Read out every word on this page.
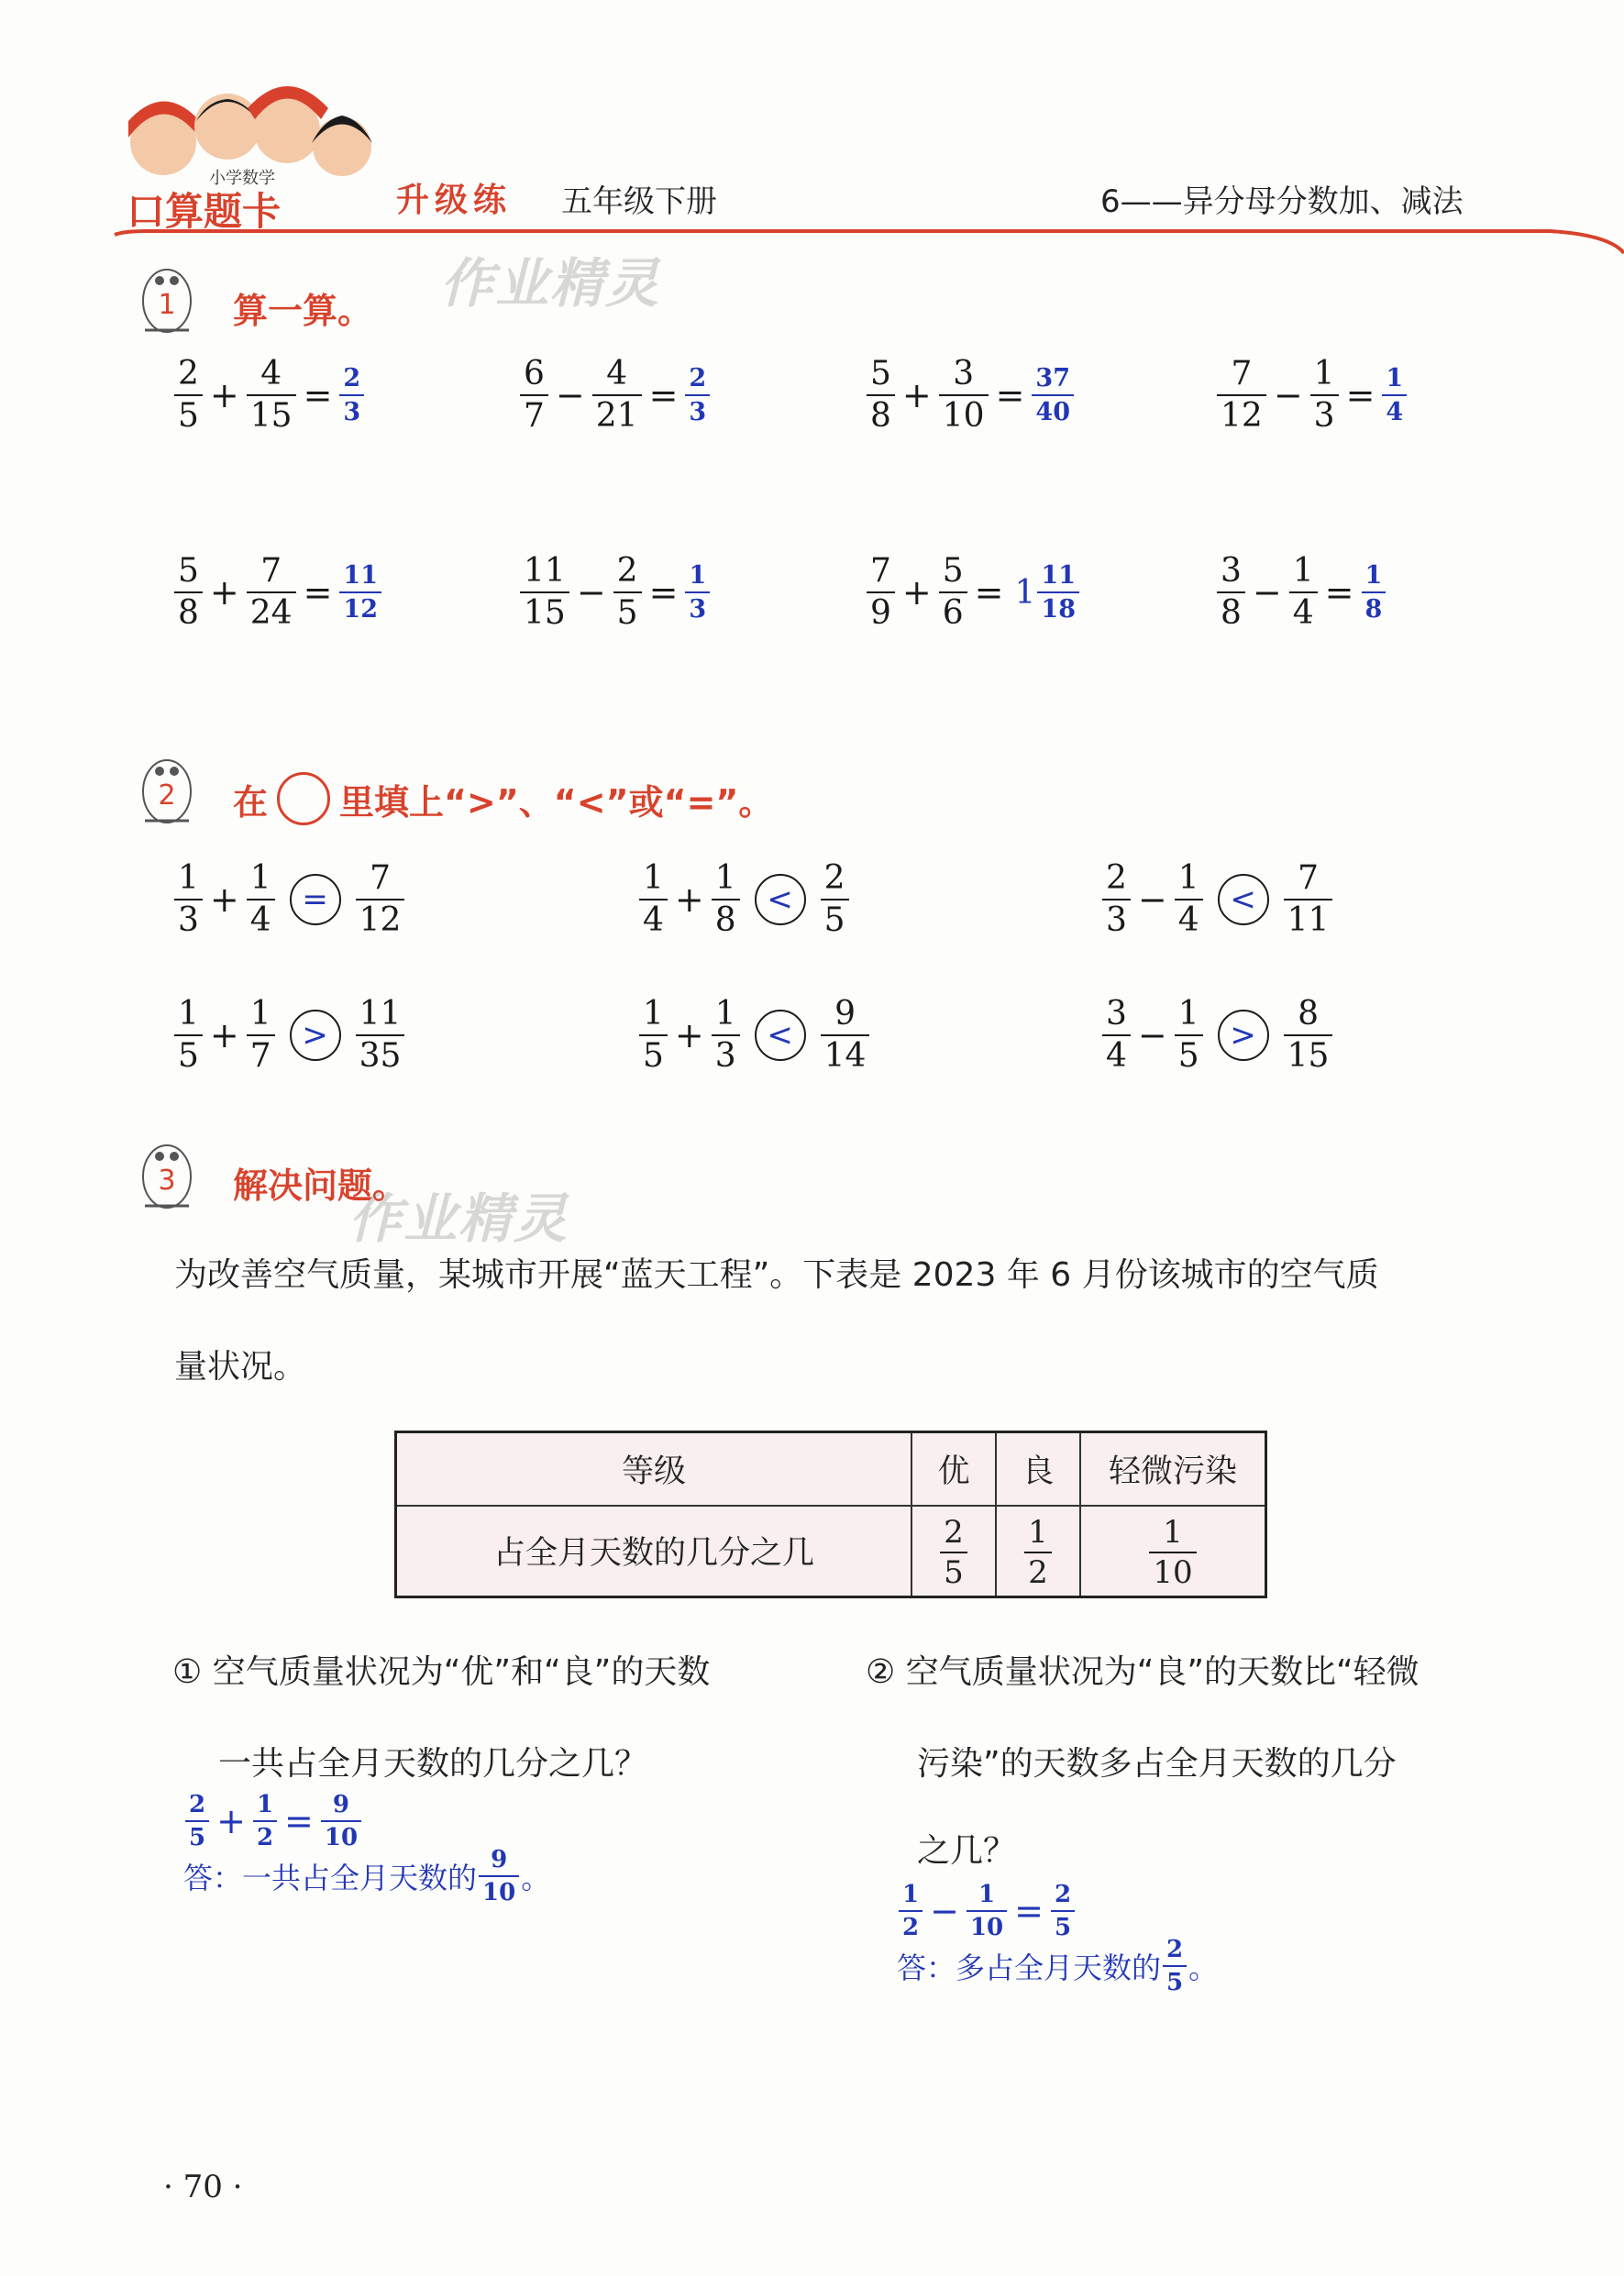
小学数学
口算题卡	升级练 五年级下册	6——异分母分数加、减法
1 算一算。 作业精灵
$\frac{2}{5} + \frac{4}{15} = \frac{2}{3}$	$\frac{6}{7} - \frac{4}{21} = \frac{2}{3}$	$\frac{5}{8} + \frac{3}{10} = \frac{37}{40}$	$\frac{7}{12} - \frac{1}{3} = \frac{1}{4}$
$\frac{5}{8} + \frac{7}{24} = \frac{11}{12}$	$\frac{11}{15} - \frac{2}{5} = \frac{1}{3}$	$\frac{7}{9} + \frac{5}{6} = 1 \frac{11}{18}$	$\frac{3}{8} - \frac{1}{4} = \frac{1}{8}$
2 在 里填上“>”、“<”或“=”。
$\frac{1}{3} + \frac{1}{4} = \frac{7}{12}$	$\frac{1}{4} + \frac{1}{8} < \frac{2}{5}$	$\frac{2}{3} - \frac{1}{4} < \frac{7}{11}$
$\frac{1}{5} + \frac{1}{7} > \frac{11}{35}$	$\frac{1}{5} + \frac{1}{3} < \frac{9}{14}$	$\frac{3}{4} - \frac{1}{5} > \frac{8}{15}$
3 解决问题。
作业精灵
为改善空气质量，某城市开展“蓝天工程”。下表是 2023 年 6 月份该城市的空气质
量状况。
等级	优	良	轻微污染
占全月天数的几分之几	$\frac{2}{5}$	$\frac{1}{2}$	$\frac{1}{10}$
① 空气质量状况为“优”和“良”的天数
一共占全月天数的几分之几？
$\frac{2}{5} + \frac{1}{2} = \frac{9}{10}$
答：一共占全月天数的 $\frac{9}{10}$ 。
② 空气质量状况为“良”的天数比“轻微
污染”的天数多占全月天数的几分
之几？
$\frac{1}{2} - \frac{1}{10} = \frac{2}{5}$
答：多占全月天数的 $\frac{2}{5}$ 。
· 70 ·
